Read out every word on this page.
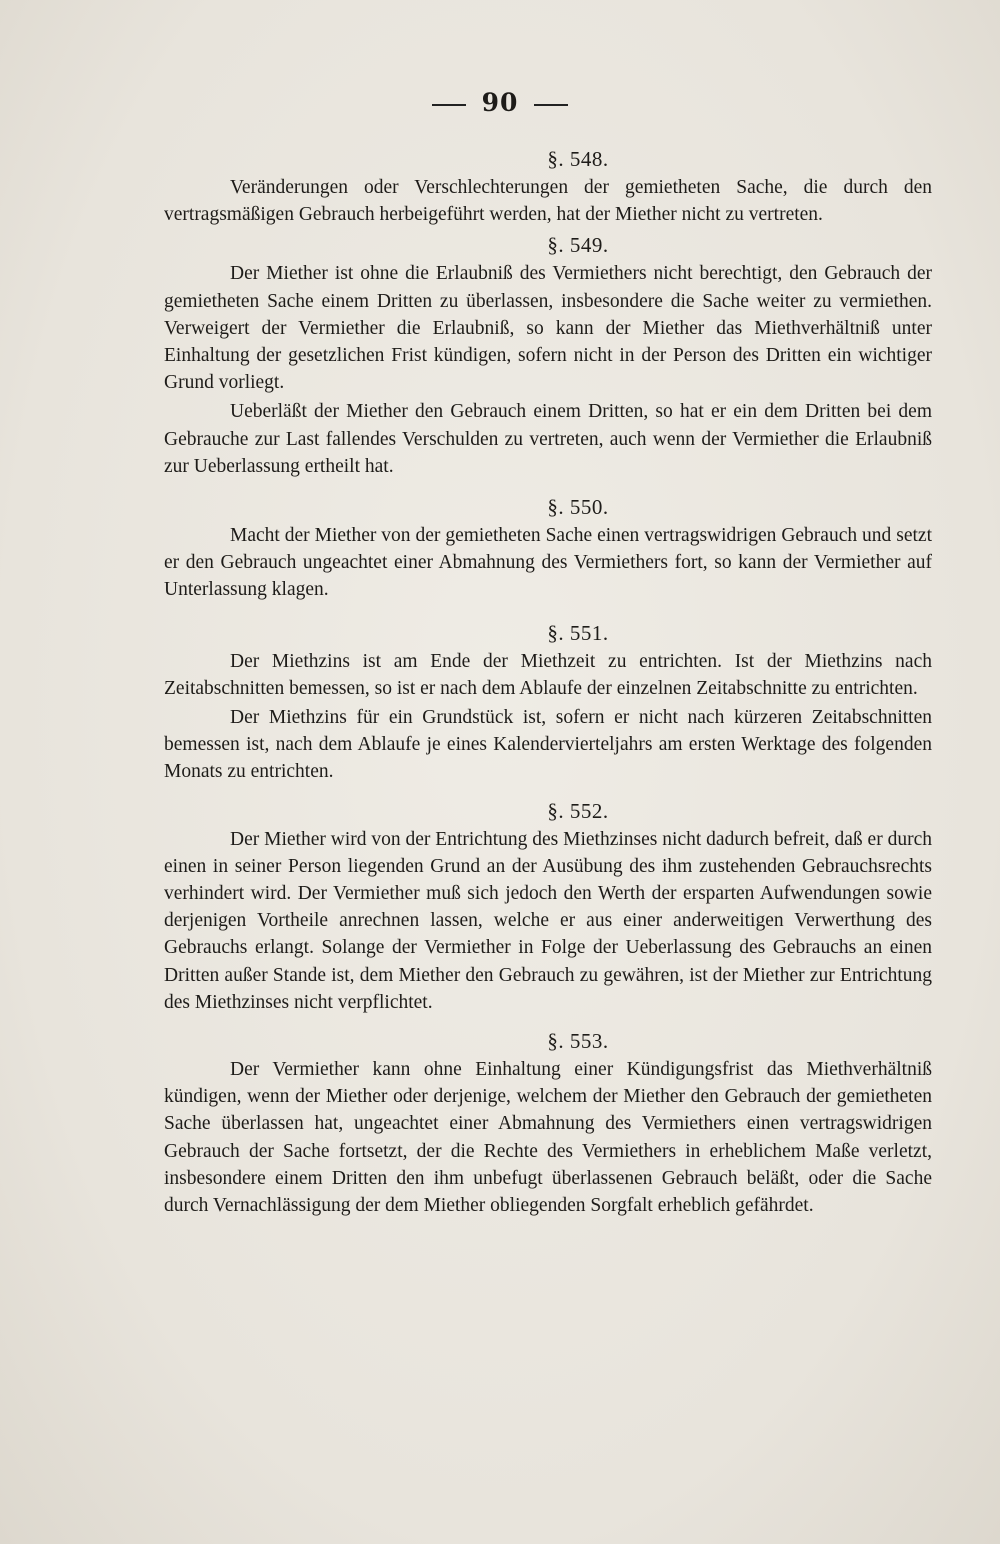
90
§. 548.

Veränderungen oder Verschlechterungen der gemietheten Sache, die durch den vertragsmäßigen Gebrauch herbeigeführt werden, hat der Miether nicht zu vertreten.

§. 549.

Der Miether ist ohne die Erlaubniß des Vermiethers nicht berechtigt, den Gebrauch der gemietheten Sache einem Dritten zu überlassen, insbesondere die Sache weiter zu vermiethen. Verweigert der Vermiether die Erlaubniß, so kann der Miether das Miethverhältniß unter Einhaltung der gesetzlichen Frist kündigen, sofern nicht in der Person des Dritten ein wichtiger Grund vorliegt.

Ueberläßt der Miether den Gebrauch einem Dritten, so hat er ein dem Dritten bei dem Gebrauche zur Last fallendes Verschulden zu vertreten, auch wenn der Vermiether die Erlaubniß zur Ueberlassung ertheilt hat.

§. 550.

Macht der Miether von der gemietheten Sache einen vertragswidrigen Gebrauch und setzt er den Gebrauch ungeachtet einer Abmahnung des Vermiethers fort, so kann der Vermiether auf Unterlassung klagen.

§. 551.

Der Miethzins ist am Ende der Miethzeit zu entrichten. Ist der Miethzins nach Zeitabschnitten bemessen, so ist er nach dem Ablaufe der einzelnen Zeitabschnitte zu entrichten.

Der Miethzins für ein Grundstück ist, sofern er nicht nach kürzeren Zeitabschnitten bemessen ist, nach dem Ablaufe je eines Kalendervierteljahrs am ersten Werktage des folgenden Monats zu entrichten.

§. 552.

Der Miether wird von der Entrichtung des Miethzinses nicht dadurch befreit, daß er durch einen in seiner Person liegenden Grund an der Ausübung des ihm zustehenden Gebrauchsrechts verhindert wird. Der Vermiether muß sich jedoch den Werth der ersparten Aufwendungen sowie derjenigen Vortheile anrechnen lassen, welche er aus einer anderweitigen Verwerthung des Gebrauchs erlangt. Solange der Vermiether in Folge der Ueberlassung des Gebrauchs an einen Dritten außer Stande ist, dem Miether den Gebrauch zu gewähren, ist der Miether zur Entrichtung des Miethzinses nicht verpflichtet.

§. 553.

Der Vermiether kann ohne Einhaltung einer Kündigungsfrist das Miethverhältniß kündigen, wenn der Miether oder derjenige, welchem der Miether den Gebrauch der gemietheten Sache überlassen hat, ungeachtet einer Abmahnung des Vermiethers einen vertragswidrigen Gebrauch der Sache fortsetzt, der die Rechte des Vermiethers in erheblichem Maße verletzt, insbesondere einem Dritten den ihm unbefugt überlassenen Gebrauch beläßt, oder die Sache durch Vernachlässigung der dem Miether obliegenden Sorgfalt erheblich gefährdet.
